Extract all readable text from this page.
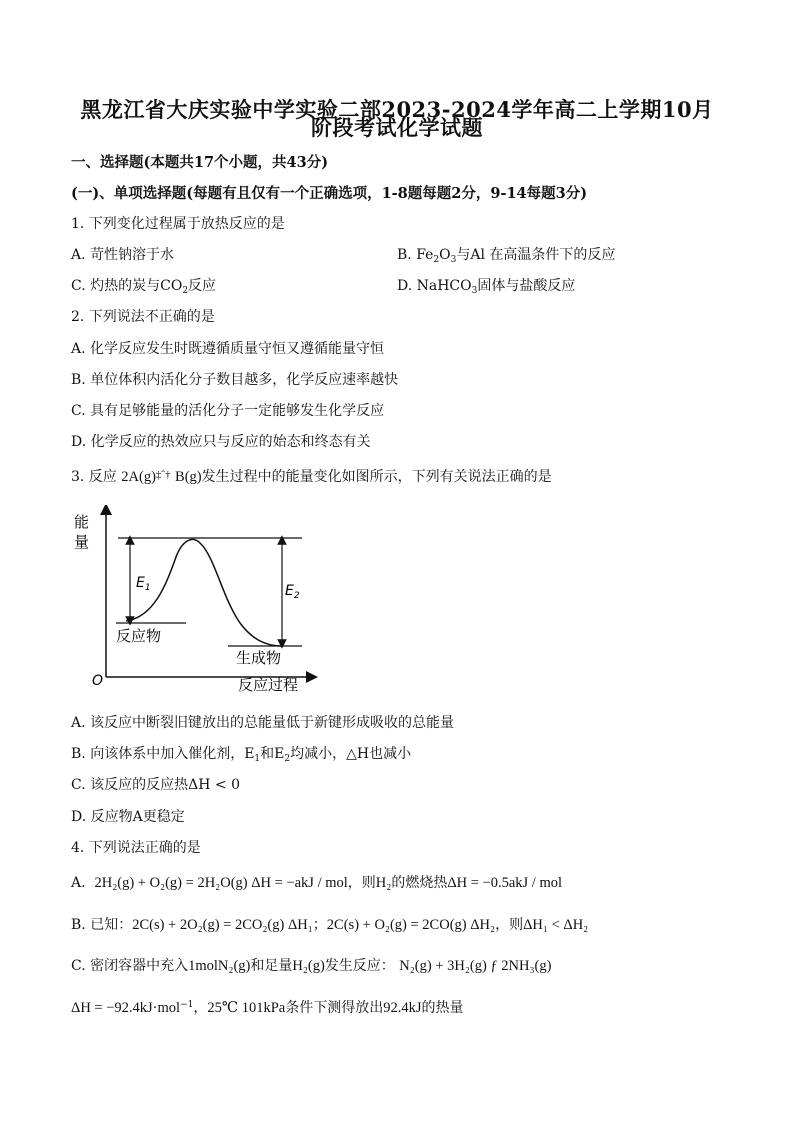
黑龙江省大庆实验中学实验二部2023-2024学年高二上学期10月
阶段考试化学试题
一、选择题(本题共17个小题，共43分)
(一)、单项选择题(每题有且仅有一个正确选项，1-8题每题2分，9-14每题3分)
1. 下列变化过程属于放热反应的是
A. 苛性钠溶于水	B. $Fe_2O_3$与Al 在高温条件下的反应
C. 灼热的炭与$CO_2$反应	D. NaHCO$_3$固体与盐酸反应
2. 下列说法不正确的是
A. 化学反应发生时既遵循质量守恒又遵循能量守恒
B. 单位体积内活化分子数目越多，化学反应速率越快
C. 具有足够能量的活化分子一定能够发生化学反应
D. 化学反应的热效应只与反应的始态和终态有关
3. 反应 $2A(g)^{\ddagger ˆ\dagger}$ B(g)发生过程中的能量变化如图所示，下列有关说法正确的是
能
量
O	反应过程
$E_1$	$E_2$
反应物
生成物
A. 该反应中断裂旧键放出的总能量低于新键形成吸收的总能量
B. 向该体系中加入催化剂，$E_1$和$E_2$均减小，△H也减小
C. 该反应的反应热ΔH < 0
D. 反应物A更稳定
4. 下列说法正确的是
A. 2H₂(g) + O₂(g) = 2H₂O(g) ΔH = −akJ / mol，则H₂的燃烧热ΔH = −0.5akJ / mol
B. 已知：2C(s) + 2O₂(g) = 2CO₂(g) ΔH₁；2C(s) + O₂(g) = 2CO(g) ΔH₂，则ΔH₁ < ΔH₂
C. 密闭容器中充入1molN₂(g)和足量H₂(g)发生反应： N₂(g) + 3H₂(g) ƒ 2NH₃(g)
ΔH = −92.4kJ·mol$^{-1}$，25℃ 101kPa条件下测得放出92.4kJ的热量
